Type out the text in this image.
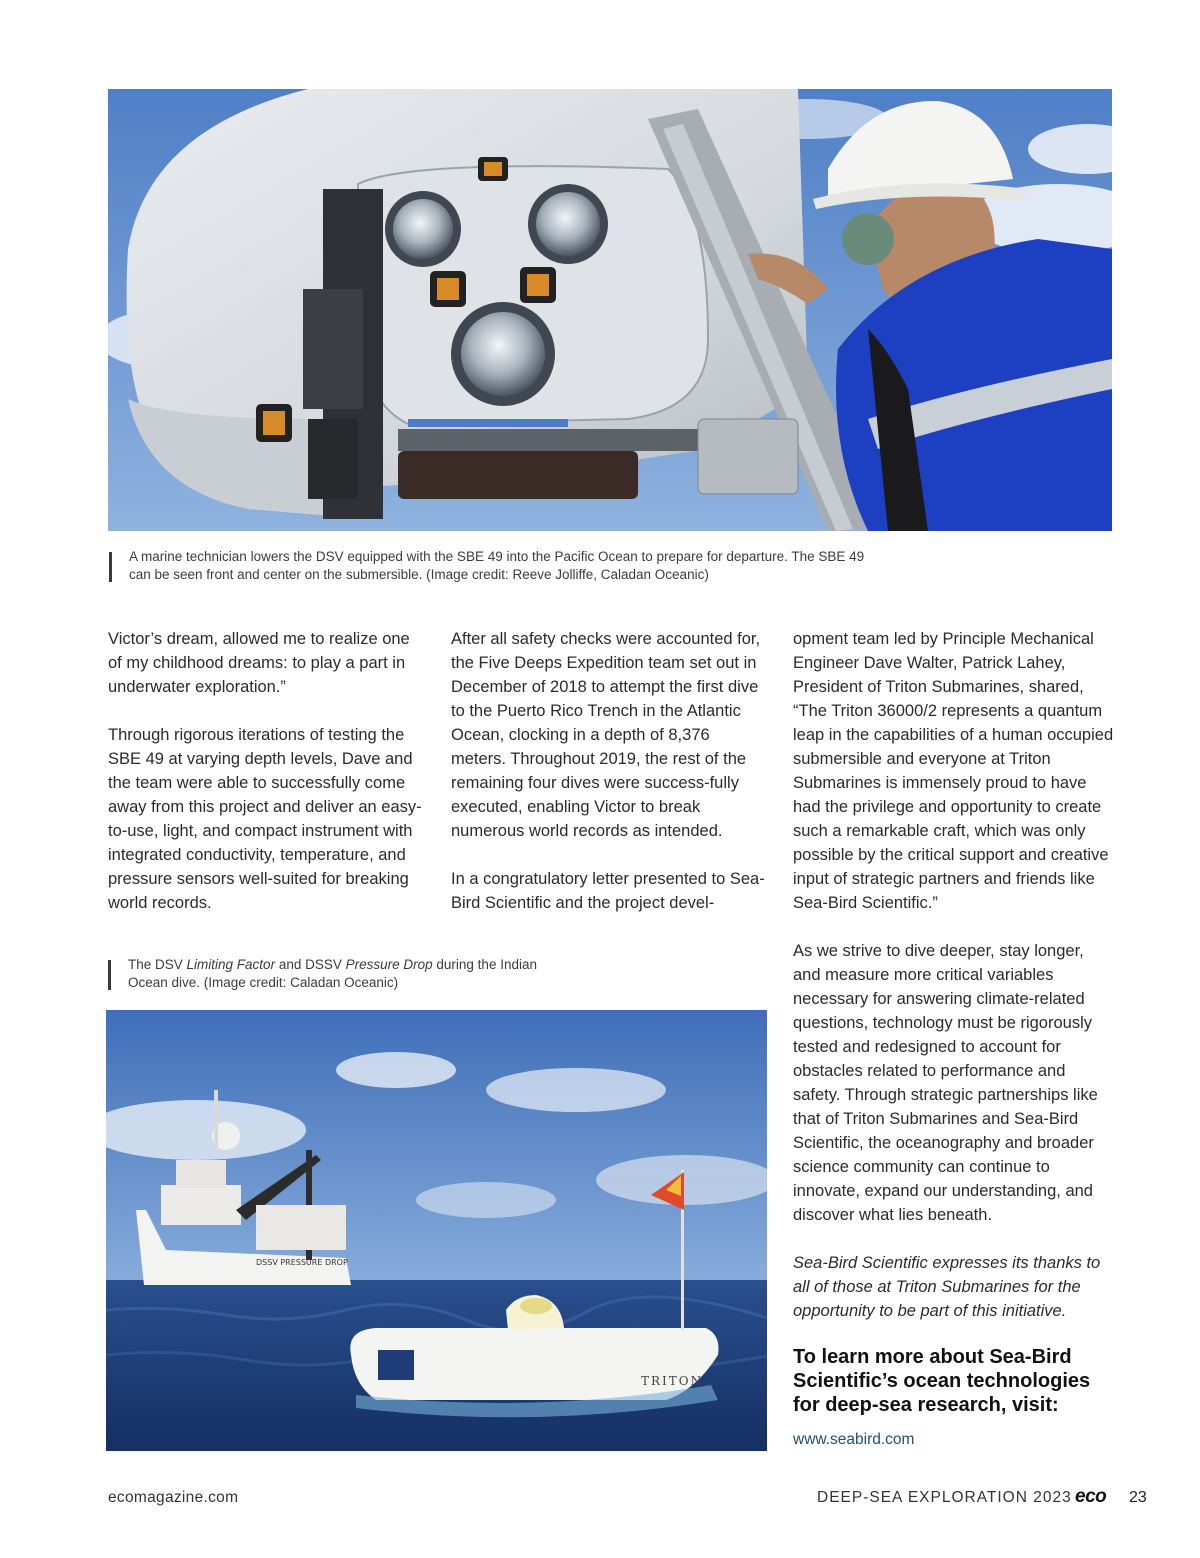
A marine technician lowers the DSV equipped with the SBE 49 into the Pacific Ocean to prepare for departure. The SBE 49 can be seen front and center on the submersible. (Image credit: Reeve Jolliffe, Caladan Oceanic)

Victor’s dream, allowed me to realize one of my childhood dreams: to play a part in underwater exploration.”

Through rigorous iterations of testing the SBE 49 at varying depth levels, Dave and the team were able to successfully come away from this project and deliver an easy-to-use, light, and compact instrument with integrated conductivity, temperature, and pressure sensors well-suited for breaking world records.

After all safety checks were accounted for, the Five Deeps Expedition team set out in December of 2018 to attempt the first dive to the Puerto Rico Trench in the Atlantic Ocean, clocking in a depth of 8,376 meters. Throughout 2019, the rest of the remaining four dives were success-fully executed, enabling Victor to break numerous world records as intended.

In a congratulatory letter presented to Sea-Bird Scientific and the project devel-

opment team led by Principle Mechanical Engineer Dave Walter, Patrick Lahey, President of Triton Submarines, shared, “The Triton 36000/2 represents a quantum leap in the capabilities of a human occupied submersible and everyone at Triton Submarines is immensely proud to have had the privilege and opportunity to create such a remarkable craft, which was only possible by the critical support and creative input of strategic partners and friends like Sea-Bird Scientific.”

As we strive to dive deeper, stay longer, and measure more critical variables necessary for answering climate-related questions, technology must be rigorously tested and redesigned to account for obstacles related to performance and safety. Through strategic partnerships like that of Triton Submarines and Sea-Bird Scientific, the oceanography and broader science community can continue to innovate, expand our understanding, and discover what lies beneath.

Sea-Bird Scientific expresses its thanks to all of those at Triton Submarines for the opportunity to be part of this initiative.

To learn more about Sea-Bird Scientific’s ocean technologies for deep-sea research, visit:
www.seabird.com
The DSV Limiting Factor and DSSV Pressure Drop during the Indian Ocean dive. (Image credit: Caladan Oceanic)
DSSV PRESSURE DROP
TRITON
ecomagazine.com	DEEP-SEA EXPLORATION 2023 eco 23
